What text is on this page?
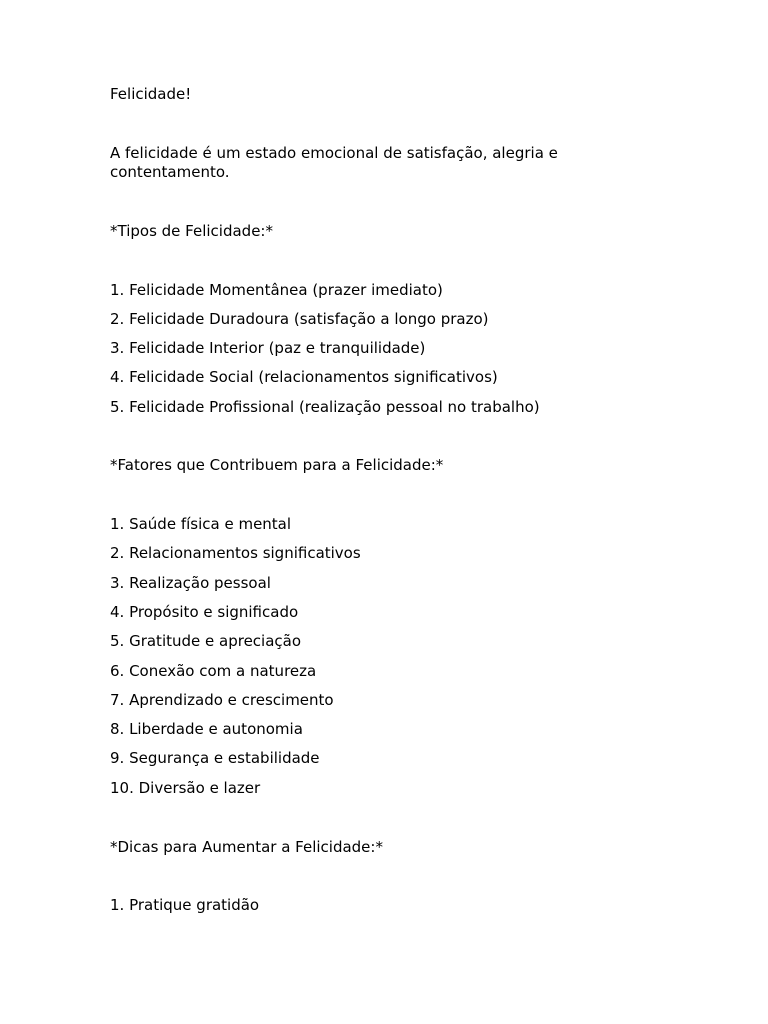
Felicidade!
A felicidade é um estado emocional de satisfação, alegria e contentamento.
*Tipos de Felicidade:*
1. Felicidade Momentânea (prazer imediato)
2. Felicidade Duradoura (satisfação a longo prazo)
3. Felicidade Interior (paz e tranquilidade)
4. Felicidade Social (relacionamentos significativos)
5. Felicidade Profissional (realização pessoal no trabalho)
*Fatores que Contribuem para a Felicidade:*
1. Saúde física e mental
2. Relacionamentos significativos
3. Realização pessoal
4. Propósito e significado
5. Gratitude e apreciação
6. Conexão com a natureza
7. Aprendizado e crescimento
8. Liberdade e autonomia
9. Segurança e estabilidade
10. Diversão e lazer
*Dicas para Aumentar a Felicidade:*
1. Pratique gratidão
